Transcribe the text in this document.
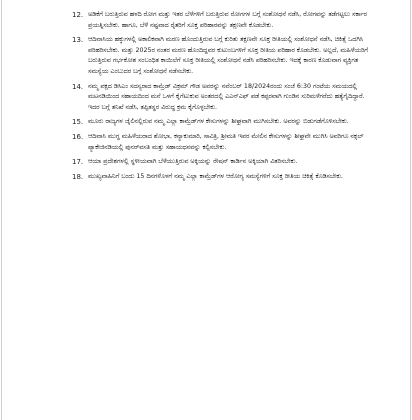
12. ಅಡಿಕೆಗೆ ಬರುತ್ತಿರುವ ಹಳದಿ ರೋಗ ಮತ್ತು ಇತರ ಬೆಳೆಗಳಿಗೆ ಬರುತ್ತಿರುವ ರೋಗಗಳ ಬಗ್ಗೆ ಸಂಶೋಧನೆ ನಡೆಸಿ, ರೋಗವನ್ನು ತಡೆಗಟ್ಟಲು ಸರ್ಕಾರ ಪ್ರಯತ್ನಿಸಬೇಕು. ಹಾಗೂ, ಬೆಳೆ ನಷ್ಟವಾದ ರೈತರಿಗೆ ಸೂಕ್ತ ಪರಿಹಾರವನ್ನು ತಕ್ಷಣವೇ ಕೊಡಬೇಕು.
13. ಆದಿವಾಸಿಯ ಹಕ್ಕುಗಳಲ್ಲಿ ಅಕಾಲಿಕವಾಗಿ ಮರಣ ಹೊಂದುತ್ತಿರುವ ಬಗ್ಗೆ ಕುರಿತು ತಕ್ಷಣವೇ ಸೂಕ್ತ ರೀತಿಯಲ್ಲಿ ಸಂಶೋಧನೆ ನಡೆಸಿ, ಚಿಕಿತ್ಸೆ ಒದಗಿಸಿ ಪರಿಹರಿಸಬೇಕು. ಮತ್ತು 2025ರ ನಂತರ ಮರಣ ಹೊಂದಿದ್ದವರ ಕುಟುಂಬಗಳಿಗೆ ಸೂಕ್ತ ರೀತಿಯ ಪರಿಹಾರ ಕೊಡಬೇಕು. ಅಲ್ಲದೆ, ಮಹಿಳೆಯರಿಗೆ ಬರುತ್ತಿರುವ ಗರ್ಭಕೋಶ ಸಂಬಂಧಿತ ಕಾಯಿಲೆಗೆ ಸೂಕ್ತ ರೀತಿಯಲ್ಲಿ ಸಂಶೋಧನೆ ನಡೆಸಿ ಪರಿಹರಿಸಬೇಕು. ಇದಕ್ಕೆ ಕಾರಣ ಕೊಡುವಾಗ ವ್ಯಕ್ತಿಗತ ಸಮಸ್ಯೆಯ ಎಂಬುದರ ಬಗ್ಗೆ ಸಂಶೋಧನೆ ನಡೆಸಬೇಕು.
14. ನಮ್ಮ ಪಕ್ಷದ ಡಿಸಿಎಂ ಸದಸ್ಯರಾದ ಕಾಮ್ರೆಡ್ ವಿಕ್ರಮ್ ಗೌಡ ಅವರನ್ನು ನವೆಂಬರ್ 18/2024ರಂದು ಸಂಜೆ 6:30 ಗಂಟೆಯ ಸಮಯದಲ್ಲಿ ಮಟನಡಿಯಿಂದ ಸಹಾಯದಿಂದ ಮನೆ ಒಳಗೆ ಕೈಗೆಟುಕುವ ಅಂತರದಲ್ಲಿ ಎಎನ್ಎಫ್ ಪಡೆ ಕಪ್ಪರವಾಗಿ ಗುಂಡಿನ ಸುರಿಮಳೆಗರೆದು ಹತ್ಯೆಗೈದಿದ್ದಾರೆ. ಇದರ ಬಗ್ಗೆ ತನಿಖೆ ನಡೆಸಿ, ತಪ್ಪಿತಸ್ಥರ ವಿರುದ್ಧ ಕ್ರಮ ಕೈಗೊಳ್ಳಬೇಕು.
15. ಮೂರು ರಾಜ್ಯಗಳ ಜೈಲಿನಲ್ಲಿರುವ ನಮ್ಮ ಎಲ್ಲಾ ಕಾಮ್ರೆಡ್‌ಗಳ ಕೇಸುಗಳನ್ನು ಶೀಘ್ರವಾಗಿ ಮುಗಿಸಬೇಕು. ಅವರನ್ನು ಬಿಡುಗಡೆಗೊಳಿಸಬೇಕು.
16. ಆದಿವಾಸಿ ಮುಗ್ಧ ಮಹಿಳೆಯರಾದ ಶೋಭಾ, ಕನ್ಯಾಕುಮಾರಿ, ಸಾವಿತ್ರಿ, ಶ್ರೀಮತಿ ಇವರ ಮೇಲಿನ ಕೇಸುಗಳನ್ನು ಶೀಘ್ರವೇ ಮುಗಿಸಿ ಅವರಿಗೂ ನಕ್ಸಲ್ ಪ್ಯಾಕೇಜಿನಡಿಯಲ್ಲಿ ಪುನರ್‌ವಸತಿ ಮತ್ತು ಸಹಾಯಧನವನ್ನು ಕಲ್ಪಿಸಬೇಕು.
17. ಆಯಾ ಪ್ರದೇಶಗಳಲ್ಲಿ ಸ್ಥಳೀಯವಾಗಿ ಬೆಳೆಯುತ್ತಿರುವ ಅಕ್ಕಿಯನ್ನು ರೇಷನ್ ಕಾರ್ಡಿನ ಅಕ್ಕಿಯಾಗಿ ವಿತರಿಸಬೇಕು.
18. ಮುಖ್ಯವಾಹಿನಿಗೆ ಬಂದು 15 ದಿನಗಳೊಳಗೆ ನಮ್ಮ ಎಲ್ಲಾ ಕಾಮ್ರೆಡ್‌ಗಳ ಆರೋಗ್ಯ ಸಮಸ್ಯೆಗಳಿಗೆ ಸೂಕ್ತ ರೀತಿಯ ಚಿಕಿತ್ಸೆ ಕೊಡಿಸಬೇಕು.
